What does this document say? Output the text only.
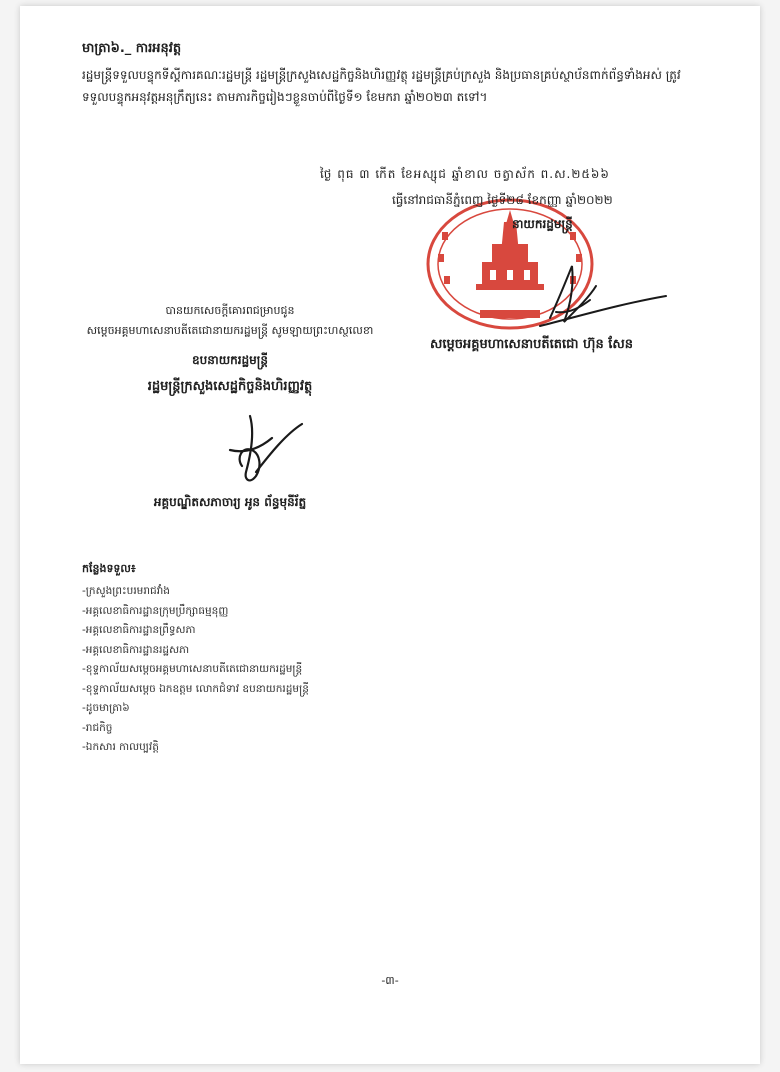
មាត្រា៦._ ការអនុវត្ត
រដ្ឋមន្ត្រីទទួលបន្ទុកទីស្ដីការគណៈរដ្ឋមន្ត្រី រដ្ឋមន្ត្រីក្រសួងសេដ្ឋកិច្ចនិងហិរញ្ញវត្ថុ រដ្ឋមន្ត្រីគ្រប់ក្រសួង និងប្រធានគ្រប់ស្ថាប័នពាក់ព័ន្ធទាំងអស់ ត្រូវទទួលបន្ទុកអនុវត្តអនុក្រឹត្យនេះ តាមភារកិច្ចរៀងៗខ្លួនចាប់ពីថ្ងៃទី១ ខែមករា ឆ្នាំ២០២៣ តទៅ។
ថ្ងៃ ពុធ ៣ កើត ខែអស្សុជ ឆ្នាំខាល ចត្វាស័ក ព.ស.២៥៦៦
ធ្វើនៅរាជធានីភ្នំពេញ ថ្ងៃទី២៨ ខែកញ្ញា ឆ្នាំ២០២២
នាយករដ្ឋមន្ត្រី
សម្ដេចអគ្គមហាសេនាបតីតេជោ ហ៊ុន សែន
បានយកសេចក្ដីគោរពជម្រាបជូន
សម្ដេចអគ្គមហាសេនាបតីតេជោនាយករដ្ឋមន្ត្រី សូមឡាយព្រះហស្ថលេខា
ឧបនាយករដ្ឋមន្ត្រី
រដ្ឋមន្ត្រីក្រសួងសេដ្ឋកិច្ចនិងហិរញ្ញវត្ថុ
អគ្គបណ្ឌិតសភាចារ្យ អូន ព័ន្ធមុនីរ័ត្ន
កន្លែងទទួល៖
-ក្រសួងព្រះបរមរាជវាំង
-អគ្គលេខាធិការដ្ឋានក្រុមប្រឹក្សាធម្មនុញ្ញ
-អគ្គលេខាធិការដ្ឋានព្រឹទ្ធសភា
-អគ្គលេខាធិការដ្ឋានរដ្ឋសភា
-ខុទ្ទកាល័យសម្ដេចអគ្គមហាសេនាបតីតេជោនាយករដ្ឋមន្ត្រី
-ខុទ្ទកាល័យសម្ដេច ឯកឧត្តម លោកជំទាវ ឧបនាយករដ្ឋមន្ត្រី
-ដូចមាត្រា៦
-រាជកិច្ច
-ឯកសារ កាលប្បវត្តិ
-៣-
